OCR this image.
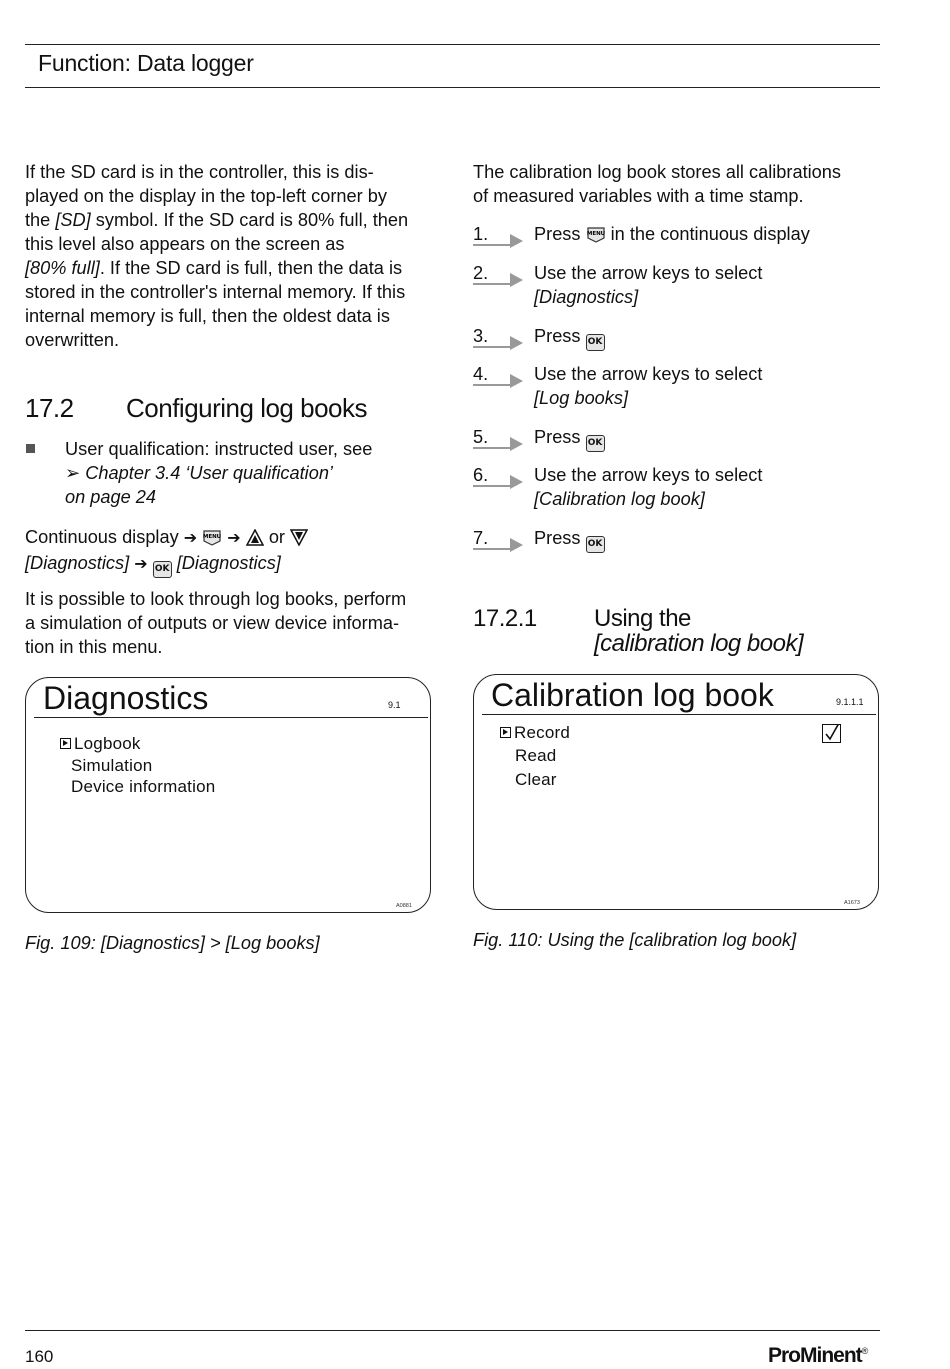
Function: Data logger

If the SD card is in the controller, this is dis-

played on the display in the top-left corner by

the [SD] symbol. If the SD card is 80% full, then

this level also appears on the screen as

[80% full]. If the SD card is full, then the data is

stored in the controller's internal memory. If this

internal memory is full, then the oldest data is

overwritten.

17.2 Configuring log books
User qualification: instructed user, see
➢ Chapter 3.4 ‘User qualification’
on page 24

Continuous display ➔ MENU ➔ or

[Diagnostics] ➔ OK [Diagnostics]

It is possible to look through log books, perform

a simulation of outputs or view device informa-

tion in this menu.

Diagnostics	9.1
Logbook
Simulation
Device information
A0881
Fig. 109: [Diagnostics] > [Log books]

The calibration log book stores all calibrations

of measured variables with a time stamp.

1.	Press MENU in the continuous display
2.	Use the arrow keys to select
[Diagnostics]
3.	Press OK
4.	Use the arrow keys to select
[Log books]
5.	Press OK
6.	Use the arrow keys to select
[Calibration log book]
7.	Press OK
17.2.1 Using the
[calibration log book]
Calibration log book	9.1.1.1
Record
Read
Clear
A1673
Fig. 110: Using the [calibration log book]
160	ProMinent®
